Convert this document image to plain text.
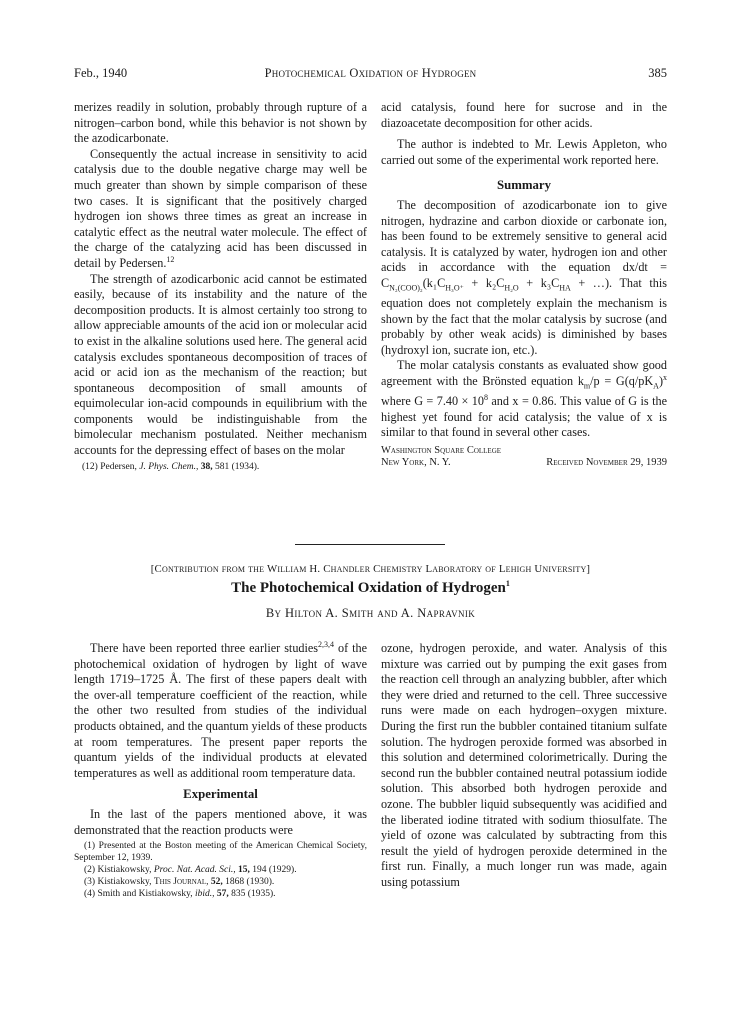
Feb., 1940	Photochemical Oxidation of Hydrogen	385

merizes readily in solution, probably through rupture of a nitrogen–carbon bond, while this behavior is not shown by the azodicarbonate.

Consequently the actual increase in sensitivity to acid catalysis due to the double negative charge may well be much greater than shown by simple comparison of these two cases. It is significant that the positively charged hydrogen ion shows three times as great an increase in catalytic effect as the neutral water molecule. The effect of the charge of the catalyzing acid has been discussed in detail by Pedersen.$^{12}$

The strength of azodicarbonic acid cannot be estimated easily, because of its instability and the nature of the decomposition products. It is almost certainly too strong to allow appreciable amounts of the acid ion or molecular acid to exist in the alkaline solutions used here. The general acid catalysis excludes spontaneous decomposition of traces of acid or acid ion as the mechanism of the reaction; but spontaneous decomposition of small amounts of equimolecular ion-acid compounds in equilibrium with the components would be indistinguishable from the bimolecular mechanism postulated. Neither mechanism accounts for the depressing effect of bases on the molar

(12) Pedersen, J. Phys. Chem., 38, 581 (1934).

acid catalysis, found here for sucrose and in the diazoacetate decomposition for other acids.

The author is indebted to Mr. Lewis Appleton, who carried out some of the experimental work reported here.

Summary

The decomposition of azodicarbonate ion to give nitrogen, hydrazine and carbon dioxide or carbonate ion, has been found to be extremely sensitive to general acid catalysis. It is catalyzed by water, hydrogen ion and other acids in accordance with the equation $dx/dt = C_{N_2(COO)_2}(k_1C_{H_3O^+} + k_2C_{H_2O} + k_3C_{HA}$ + …). That this equation does not completely explain the mechanism is shown by the fact that the molar catalysis by sucrose (and probably by other weak acids) is diminished by bases (hydroxyl ion, sucrate ion, etc.).

The molar catalysis constants as evaluated show good agreement with the Brönsted equation $k_m/p = G(q/pK_A)^x$ where $G = 7.40 \times 10^8$ and x = 0.86. This value of G is the highest yet found for acid catalysis; the value of x is similar to that found in several other cases.

Washington Square College
New York, N. Y.	Received November 29, 1939
[Contribution from the William H. Chandler Chemistry Laboratory of Lehigh University]
The Photochemical Oxidation of Hydrogen$^1$
By Hilton A. Smith and A. Napravnik

There have been reported three earlier studies$^{2,3,4}$ of the photochemical oxidation of hydrogen by light of wave length 1719–1725 Å. The first of these papers dealt with the over-all temperature coefficient of the reaction, while the other two resulted from studies of the individual products obtained, and the quantum yields of these products at room temperatures. The present paper reports the quantum yields of the individual products at elevated temperatures as well as additional room temperature data.

Experimental

In the last of the papers mentioned above, it was demonstrated that the reaction products were

(1) Presented at the Boston meeting of the American Chemical Society, September 12, 1939.
(2) Kistiakowsky, Proc. Nat. Acad. Sci., 15, 194 (1929).
(3) Kistiakowsky, This Journal, 52, 1868 (1930).
(4) Smith and Kistiakowsky, ibid., 57, 835 (1935).

ozone, hydrogen peroxide, and water. Analysis of this mixture was carried out by pumping the exit gases from the reaction cell through an analyzing bubbler, after which they were dried and returned to the cell. Three successive runs were made on each hydrogen–oxygen mixture. During the first run the bubbler contained titanium sulfate solution. The hydrogen peroxide formed was absorbed in this solution and determined colorimetrically. During the second run the bubbler contained neutral potassium iodide solution. This absorbed both hydrogen peroxide and ozone. The bubbler liquid subsequently was acidified and the liberated iodine titrated with sodium thiosulfate. The yield of ozone was calculated by subtracting from this result the yield of hydrogen peroxide determined in the first run. Finally, a much longer run was made, again using potassium
